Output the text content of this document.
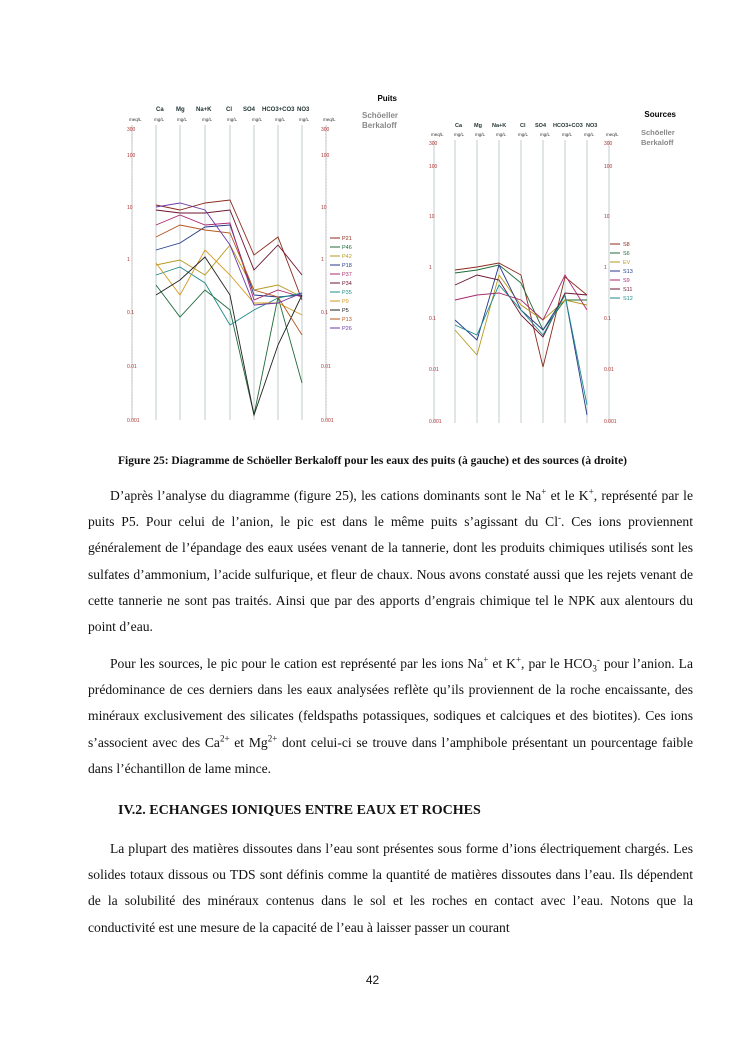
Puits
Ca Mg Na+K Cl SO4 HCO3+CO3 NO3
Schöeller
Berkaloff
meq/L	mg/L	mg/L	mg/L	mg/L	mg/L	mg/L	mg/L	meq/L
300
100
10
1
0.1
0.01
0.001
300
100
10
1
0.1
0.01
0.001
P21
P46
P42
P18
P37
P34
P35
P9
P5
P13
P26
Sources
Ca Mg Na+K	Cl SO4 HCO3+CO3 NO3
Schöeller
Berkaloff
meq/L mg/L mg/L mg/L	mg/L	mg/L	mg/L	mg/L	meq/L
300
100
10
1
0.1
0.01
0.001
300
100
10
1
0.1
0.01
0.001
S8
S6
EV
S13
S9
S11
S12
Figure 25: Diagramme de Schöeller Berkaloff pour les eaux des puits (à gauche) et des sources (à droite)

D’après l’analyse du diagramme (figure 25), les cations dominants sont le Na+ et le K+, représenté par le puits P5. Pour celui de l’anion, le pic est dans le même puits s’agissant du Cl-. Ces ions proviennent généralement de l’épandage des eaux usées venant de la tannerie, dont les produits chimiques utilisés sont les sulfates d’ammonium, l’acide sulfurique, et fleur de chaux. Nous avons constaté aussi que les rejets venant de cette tannerie ne sont pas traités. Ainsi que par des apports d’engrais chimique tel le NPK aux alentours du point d’eau.

Pour les sources, le pic pour le cation est représenté par les ions Na+ et K+, par le $HCO_3^-$ pour l’anion. La prédominance de ces derniers dans les eaux analysées reflète qu’ils proviennent de la roche encaissante, des minéraux exclusivement des silicates (feldspaths potassiques, sodiques et calciques et des biotites). Ces ions s’associent avec des $Ca^{2+}$ et $Mg^{2+}$ dont celui-ci se trouve dans l’amphibole présentant un pourcentage faible dans l’échantillon de lame mince.

IV.2. ECHANGES IONIQUES ENTRE EAUX ET ROCHES

La plupart des matières dissoutes dans l’eau sont présentes sous forme d’ions électriquement chargés. Les solides totaux dissous ou TDS sont définis comme la quantité de matières dissoutes dans l’eau. Ils dépendent de la solubilité des minéraux contenus dans le sol et les roches en contact avec l’eau. Notons que la conductivité est une mesure de la capacité de l’eau à laisser passer un courant

42
